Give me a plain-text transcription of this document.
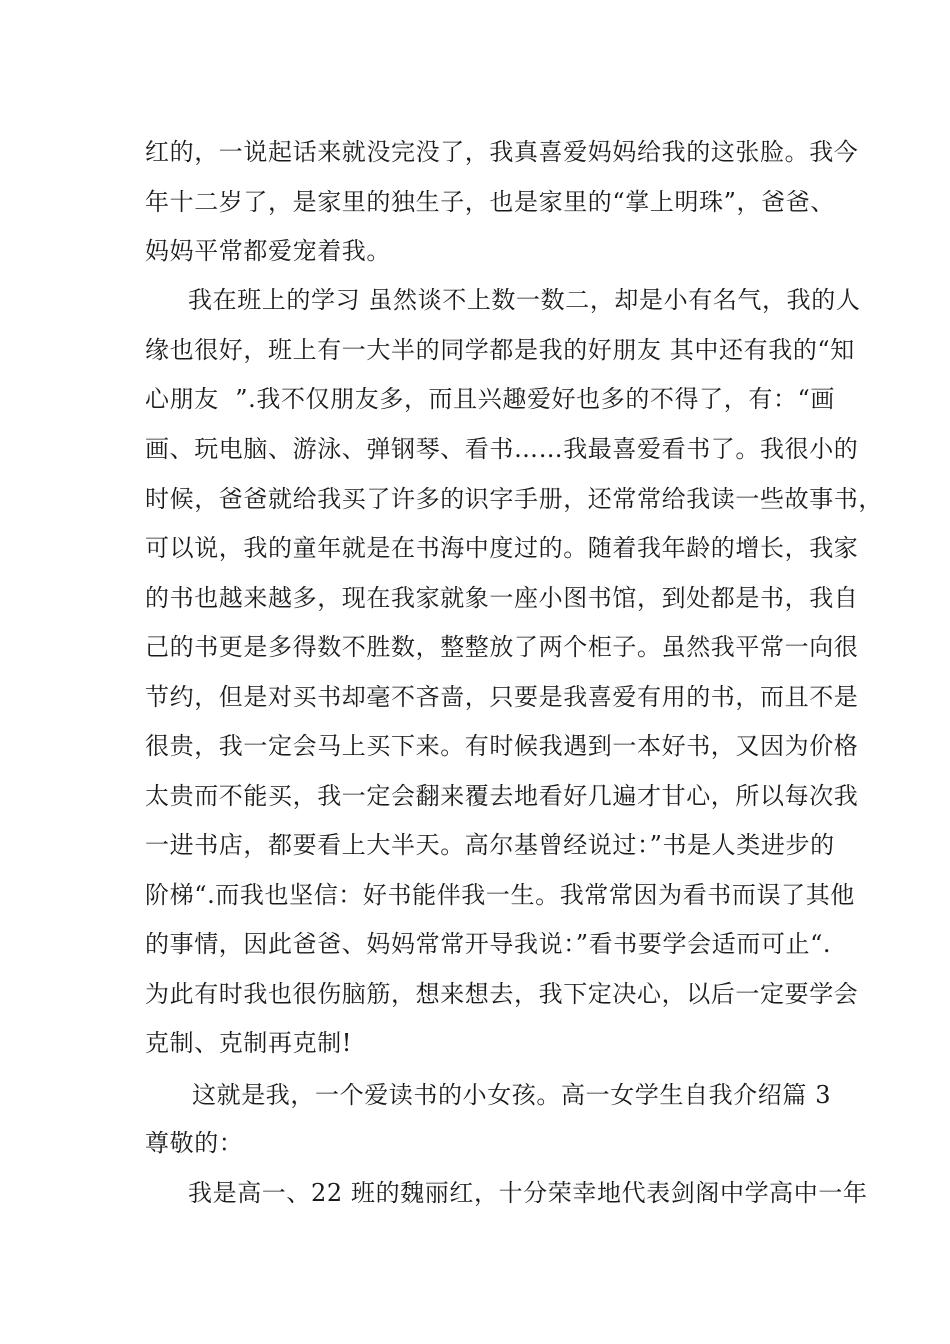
红的，一说起话来就没完没了，我真喜爱妈妈给我的这张脸。我今

年十二岁了，是家里的独生子，也是家里的“掌上明珠”，爸爸、

妈妈平常都爱宠着我。

我在班上的学习 虽然谈不上数一数二，却是小有名气，我的人

缘也很好，班上有一大半的同学都是我的好朋友 其中还有我的“知

心朋友  ”.我不仅朋友多，而且兴趣爱好也多的不得了，有：“画

画、玩电脑、游泳、弹钢琴、看书……我最喜爱看书了。我很小的

时候，爸爸就给我买了许多的识字手册，还常常给我读一些故事书，

可以说，我的童年就是在书海中度过的。随着我年龄的增长，我家

的书也越来越多，现在我家就象一座小图书馆，到处都是书，我自

己的书更是多得数不胜数，整整放了两个柜子。虽然我平常一向很

节约，但是对买书却毫不吝啬，只要是我喜爱有用的书，而且不是

很贵，我一定会马上买下来。有时候我遇到一本好书，又因为价格

太贵而不能买，我一定会翻来覆去地看好几遍才甘心，所以每次我

一进书店，都要看上大半天。高尔基曾经说过：”书是人类进步的

阶梯“.而我也坚信：好书能伴我一生。我常常因为看书而误了其他

的事情，因此爸爸、妈妈常常开导我说：”看书要学会适而可止“.

为此有时我也很伤脑筋，想来想去，我下定决心，以后一定要学会

克制、克制再克制!

这就是我，一个爱读书的小女孩。高一女学生自我介绍篇 3

尊敬的：

我是高一、22 班的魏丽红，十分荣幸地代表剑阁中学高中一年
